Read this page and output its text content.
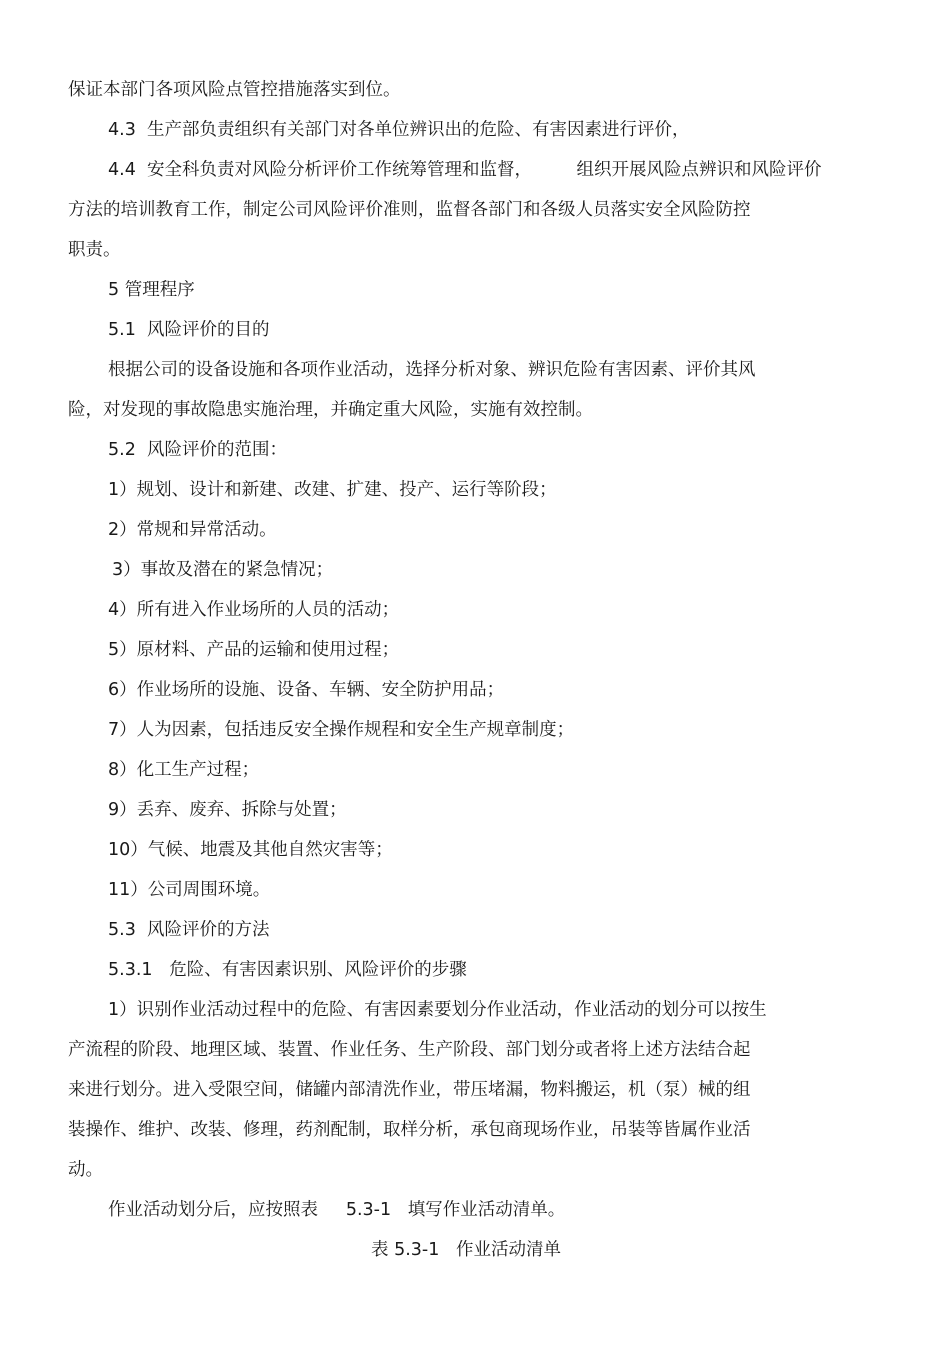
保证本部门各项风险点管控措施落实到位。

4.3  生产部负责组织有关部门对各单位辨识出的危险、有害因素进行评价，

4.4  安全科负责对风险分析评价工作统筹管理和监督，        组织开展风险点辨识和风险评价

方法的培训教育工作，制定公司风险评价准则，监督各部门和各级人员落实安全风险防控

职责。

5 管理程序

5.1  风险评价的目的

根据公司的设备设施和各项作业活动，选择分析对象、辨识危险有害因素、评价其风

险，对发现的事故隐患实施治理，并确定重大风险，实施有效控制。

5.2  风险评价的范围：

1）规划、设计和新建、改建、扩建、投产、运行等阶段；

2）常规和异常活动。

3）事故及潜在的紧急情况；

4）所有进入作业场所的人员的活动；

5）原材料、产品的运输和使用过程；

6）作业场所的设施、设备、车辆、安全防护用品；

7）人为因素，包括违反安全操作规程和安全生产规章制度；

8）化工生产过程；

9）丢弃、废弃、拆除与处置；

10）气候、地震及其他自然灾害等；

11）公司周围环境。

5.3  风险评价的方法

5.3.1   危险、有害因素识别、风险评价的步骤

1）识别作业活动过程中的危险、有害因素要划分作业活动，作业活动的划分可以按生

产流程的阶段、地理区域、装置、作业任务、生产阶段、部门划分或者将上述方法结合起

来进行划分。进入受限空间，储罐内部清洗作业，带压堵漏，物料搬运，机（泵）械的组

装操作、维护、改装、修理，药剂配制，取样分析，承包商现场作业，吊装等皆属作业活

动。

作业活动划分后，应按照表     5.3-1   填写作业活动清单。

表 5.3-1   作业活动清单
